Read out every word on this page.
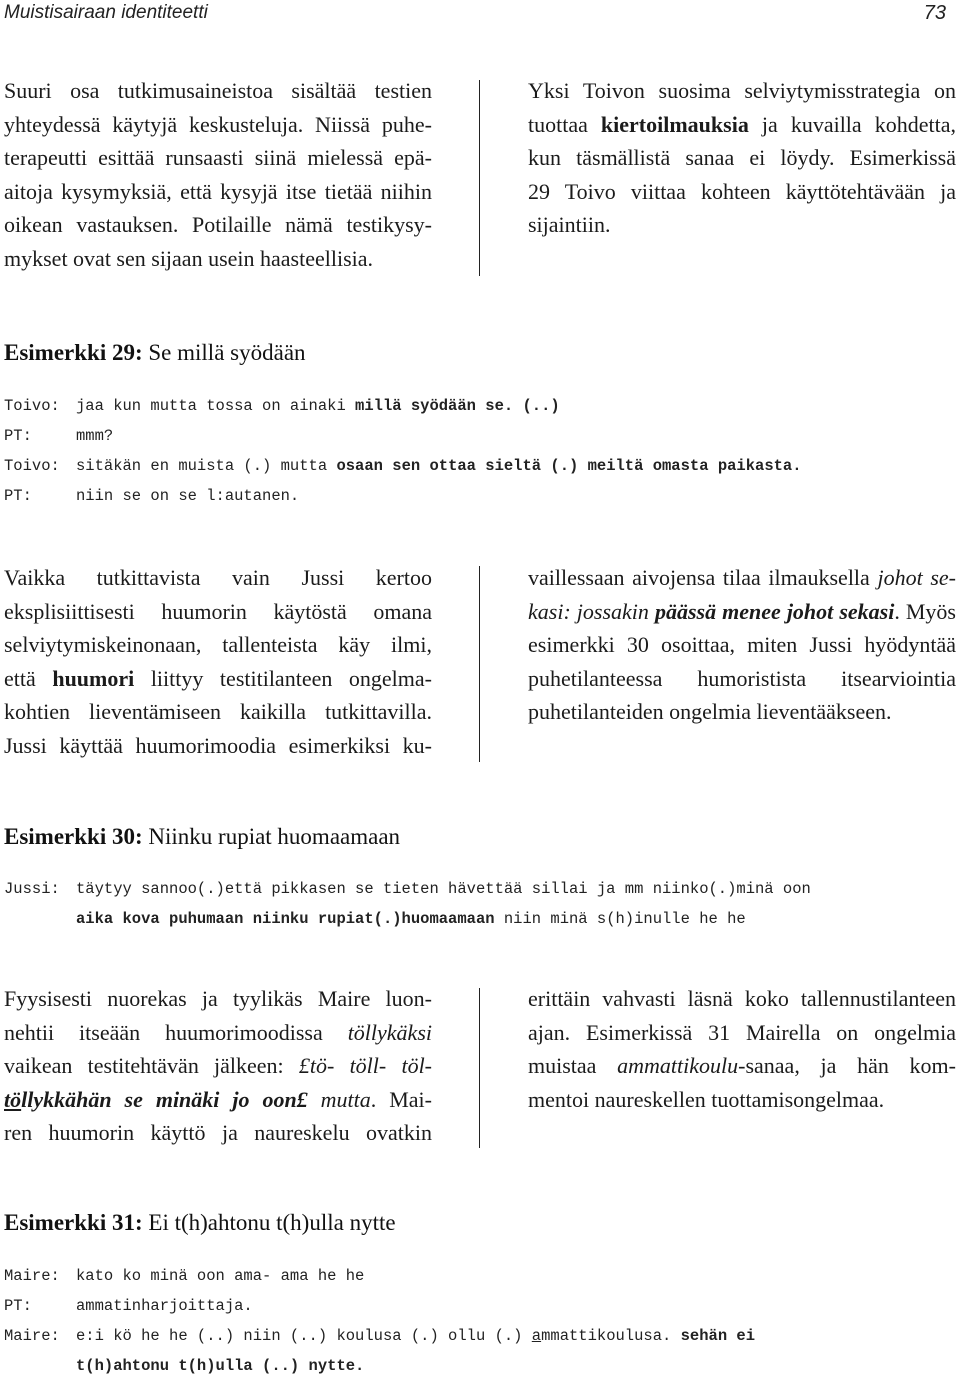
Muistisairaan identiteetti	73
Suuri osa tutkimusaineistoa sisältää testien
yhteydessä käytyjä keskusteluja. Niissä puhe-
terapeutti esittää runsaasti siinä mielessä epä-
aitoja kysymyksiä, että kysyjä itse tietää niihin
oikean vastauksen. Potilaille nämä testikysy-
mykset ovat sen sijaan usein haasteellisia.
Yksi Toivon suosima selviytymisstrategia on
tuottaa kiertoilmauksia ja kuvailla kohdetta,
kun täsmällistä sanaa ei löydy. Esimerkissä
29 Toivo viittaa kohteen käyttötehtävään ja
sijaintiin.
Esimerkki 29: Se millä syödään
Toivo: jaa kun mutta tossa on ainaki millä syödään se. (..)
PT:	mmm?
Toivo: sitäkän en muista (.) mutta osaan sen ottaa sieltä (.) meiltä omasta paikasta.
PT:	niin se on se l:autanen.
Vaikka tutkittavista vain Jussi kertoo
eksplisiittisesti huumorin käytöstä omana
selviytymiskeinonaan, tallenteista käy ilmi,
että huumori liittyy testitilanteen ongelma-
kohtien lieventämiseen kaikilla tutkittavilla.
Jussi käyttää huumorimoodia esimerkiksi ku-
vaillessaan aivojensa tilaa ilmauksella johot se-
kasi: jossakin päässä menee johot sekasi. Myös
esimerkki 30 osoittaa, miten Jussi hyödyntää
puhetilanteessa humoristista itsearviointia
puhetilanteiden ongelmia lieventääkseen.
Esimerkki 30: Niinku rupiat huomaamaan
Jussi: täytyy sannoo(.)että pikkasen se tieten hävettää sillai ja mm niinko(.)minä oon
aika kova puhumaan niinku rupiat(.)huomaamaan niin minä s(h)inulle he he
Fyysisesti nuorekas ja tyylikäs Maire luon-
nehtii itseään huumorimoodissa töllykäksi
vaikean testitehtävän jälkeen: £tö- töll- töl-
töllykkähän se minäki jo oon£ mutta. Mai-
ren huumorin käyttö ja naureskelu ovatkin
erittäin vahvasti läsnä koko tallennustilanteen
ajan. Esimerkissä 31 Mairella on ongelmia
muistaa ammattikoulu-sanaa, ja hän kom-
mentoi naureskellen tuottamisongelmaa.
Esimerkki 31: Ei t(h)ahtonu t(h)ulla nytte
Maire: kato ko minä oon ama- ama he he
PT:	ammatinharjoittaja.
Maire: e:i kö he he (..) niin (..) koulusa (.) ollu (.) ammattikoulusa. sehän ei
t(h)ahtonu t(h)ulla (..) nytte.
